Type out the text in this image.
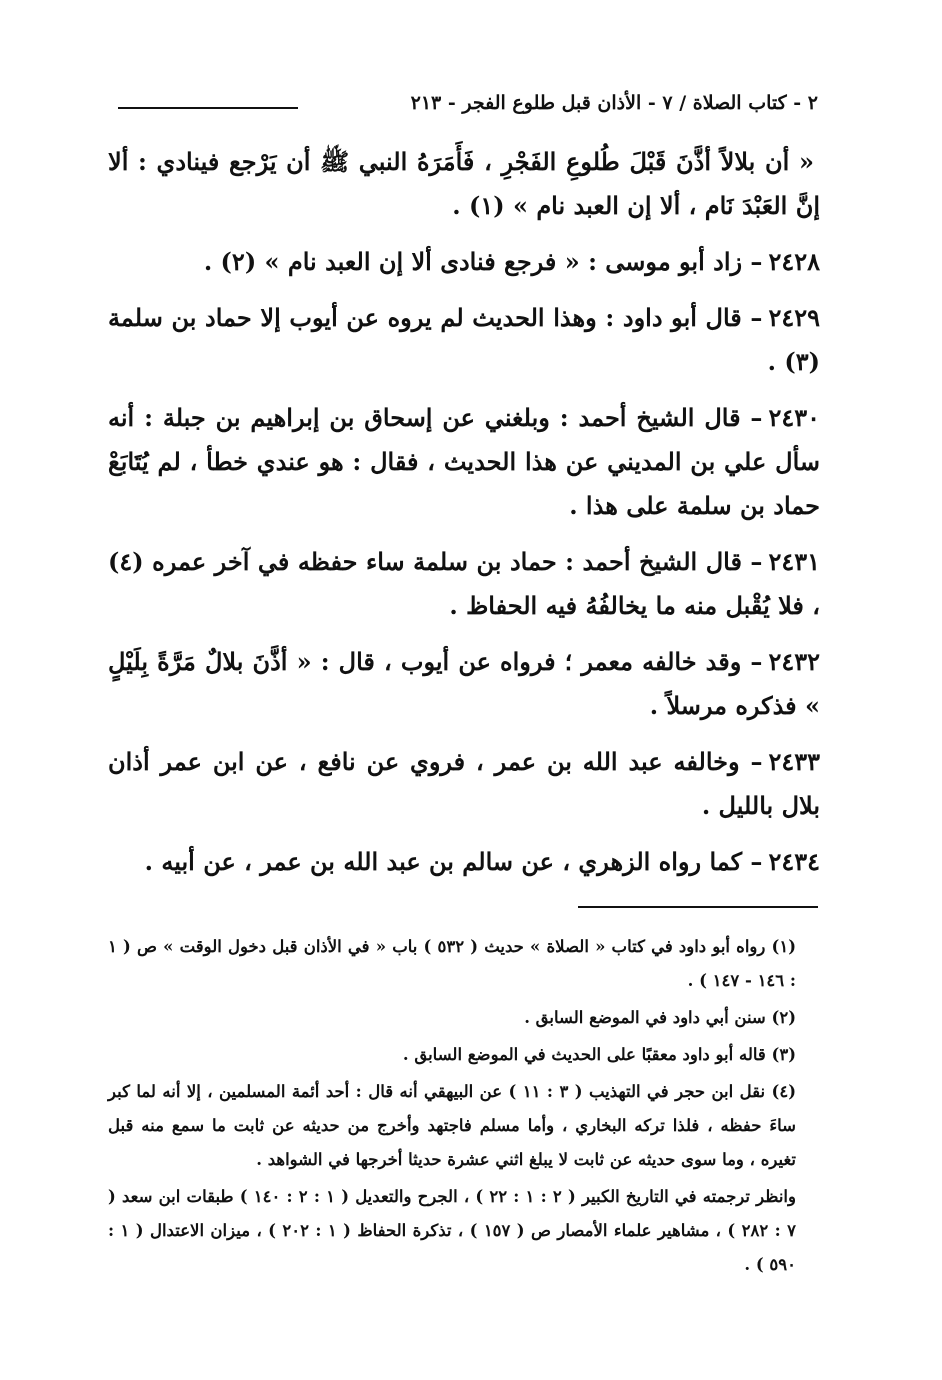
٢ - كتاب الصلاة / ٧ - الأذان قبل طلوع الفجر - ٢١٣

« أن بلالاً أذَّنَ قَبْلَ طُلوعِ الفَجْرِ ، فَأَمَرَهُ النبي ﷺ أن يَرْجع فينادي : ألا إنَّ العَبْدَ نَام ، ألا إن العبد نام » (١) .

٢٤٢٨– زاد أبو موسى : « فرجع فنادى ألا إن العبد نام » (٢) .

٢٤٢٩– قال أبو داود : وهذا الحديث لم يروه عن أيوب إلا حماد بن سلمة (٣) .

٢٤٣٠– قال الشيخ أحمد : وبلغني عن إسحاق بن إبراهيم بن جبلة : أنه سأل علي بن المديني عن هذا الحديث ، فقال : هو عندي خطأ ، لم يُتَابَعْ حماد بن سلمة على هذا .

٢٤٣١– قال الشيخ أحمد : حماد بن سلمة ساء حفظه في آخر عمره (٤) ، فلا يُقْبل منه ما يخالفُهُ فيه الحفاظ .

٢٤٣٢– وقد خالفه معمر ؛ فرواه عن أيوب ، قال : « أذَّنَ بلالٌ مَرَّةً بِلَيْلٍ » فذكره مرسلاً .

٢٤٣٣– وخالفه عبد الله بن عمر ، فروي عن نافع ، عن ابن عمر أذان بلال بالليل .

٢٤٣٤– كما رواه الزهري ، عن سالم بن عبد الله بن عمر ، عن أبيه .

(١) رواه أبو داود في كتاب « الصلاة » حديث ( ٥٣٢ ) باب « في الأذان قبل دخول الوقت » ص ( ١ : ١٤٦ - ١٤٧ ) .

(٢) سنن أبي داود في الموضع السابق .

(٣) قاله أبو داود معقبًا على الحديث في الموضع السابق .

(٤) نقل ابن حجر في التهذيب ( ٣ : ١١ ) عن البيهقي أنه قال : أحد أئمة المسلمين ، إلا أنه لما كبر ساءَ حفظه ، فلذا تركه البخاري ، وأما مسلم فاجتهد وأخرج من حديثه عن ثابت ما سمع منه قبل تغيره ، وما سوى حديثه عن ثابت لا يبلغ اثني عشرة حديثا أخرجها في الشواهد .

وانظر ترجمته في التاريخ الكبير ( ٢ : ١ : ٢٢ ) ، الجرح والتعديل ( ١ : ٢ : ١٤٠ ) طبقات ابن سعد ( ٧ : ٢٨٢ ) ، مشاهير علماء الأمصار ص ( ١٥٧ ) ، تذكرة الحفاظ ( ١ : ٢٠٢ ) ، ميزان الاعتدال ( ١ : ٥٩٠ ) .
